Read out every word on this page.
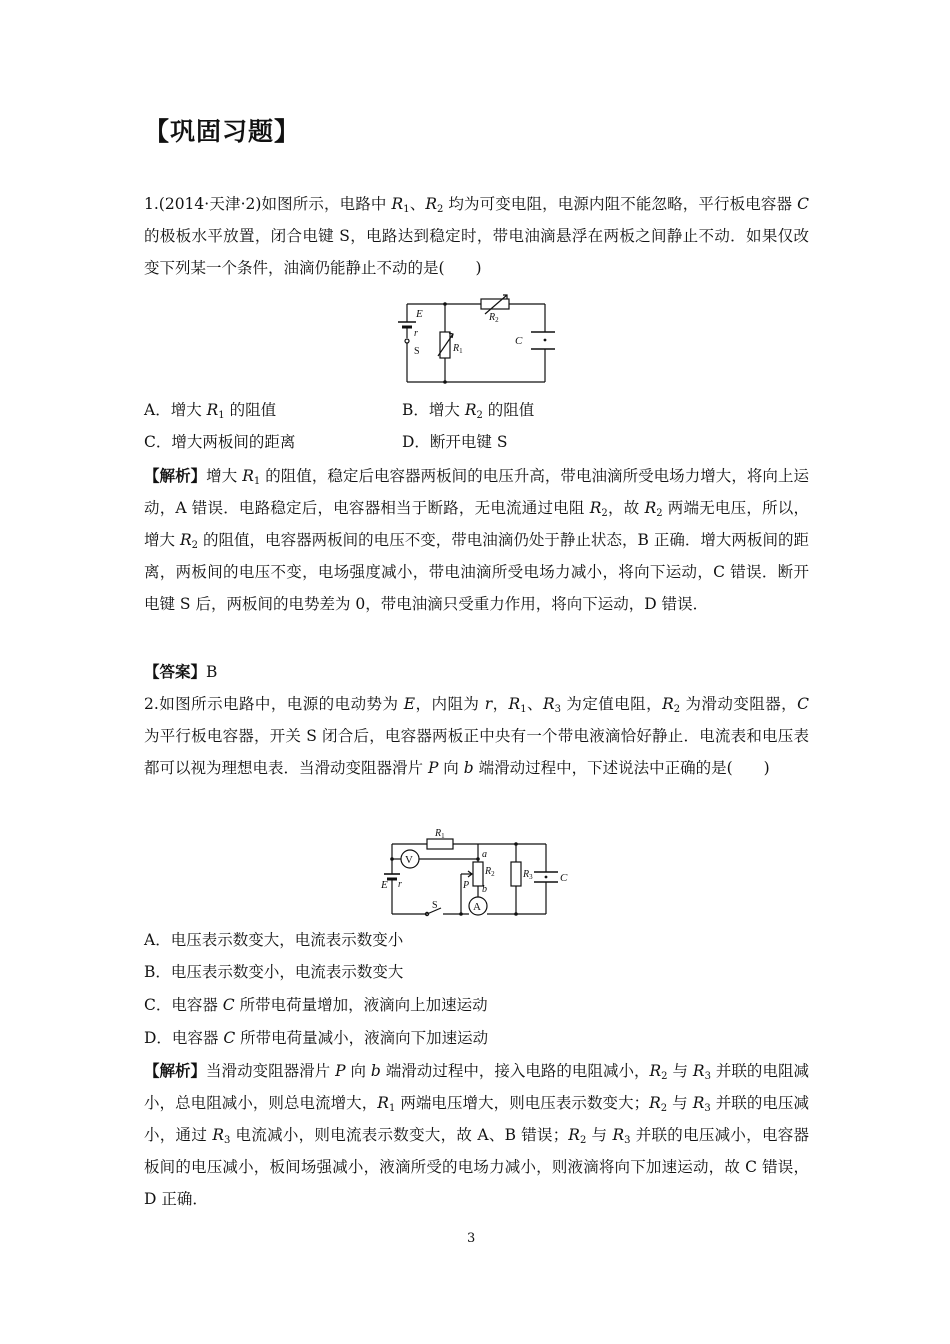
【巩固习题】

1.(2014·天津·2)如图所示，电路中 $R_1$、$R_2$ 均为可变电阻，电源内阻不能忽略，平行板电容器 C 的极板水平放置，闭合电键 S，电路达到稳定时，带电油滴悬浮在两板之间静止不动．如果仅改变下列某一个条件，油滴仍能静止不动的是(　　)

E
r
S	$R_1$
$R_2$
C
A．增大 $R_1$ 的阻值	B．增大 $R_2$ 的阻值
C．增大两板间的距离	D．断开电键 S

【解析】增大 $R_1$ 的阻值，稳定后电容器两板间的电压升高，带电油滴所受电场力增大，将向上运动，A 错误．电路稳定后，电容器相当于断路，无电流通过电阻 $R_2$，故 $R_2$ 两端无电压，所以，增大 $R_2$ 的阻值，电容器两板间的电压不变，带电油滴仍处于静止状态，B 正确．增大两板间的距离，两板间的电压不变，电场强度减小，带电油滴所受电场力减小，将向下运动，C 错误．断开电键 S 后，两板间的电势差为 0，带电油滴只受重力作用，将向下运动，D 错误．

【答案】B

2.如图所示电路中，电源的电动势为 E，内阻为 r，$R_1$、$R_3$ 为定值电阻，$R_2$ 为滑动变阻器，C 为平行板电容器，开关 S 闭合后，电容器两板正中央有一个带电液滴恰好静止．电流表和电压表都可以视为理想电表．当滑动变阻器滑片 P 向 b 端滑动过程中，下述说法中正确的是(　　)

V
A
$R_1$
$R_2$	$R_3$
a
b
P
E r
S
C
A．电压表示数变大，电流表示数变小
B．电压表示数变小，电流表示数变大
C．电容器 C 所带电荷量增加，液滴向上加速运动
D．电容器 C 所带电荷量减小，液滴向下加速运动

【解析】当滑动变阻器滑片 P 向 b 端滑动过程中，接入电路的电阻减小，$R_2$ 与 $R_3$ 并联的电阻减小，总电阻减小，则总电流增大，$R_1$ 两端电压增大，则电压表示数变大；$R_2$ 与 $R_3$ 并联的电压减小，通过 $R_3$ 电流减小，则电流表示数变大，故 A、B 错误；$R_2$ 与 $R_3$ 并联的电压减小，电容器板间的电压减小，板间场强减小，液滴所受的电场力减小，则液滴将向下加速运动，故 C 错误，D 正确．

3
